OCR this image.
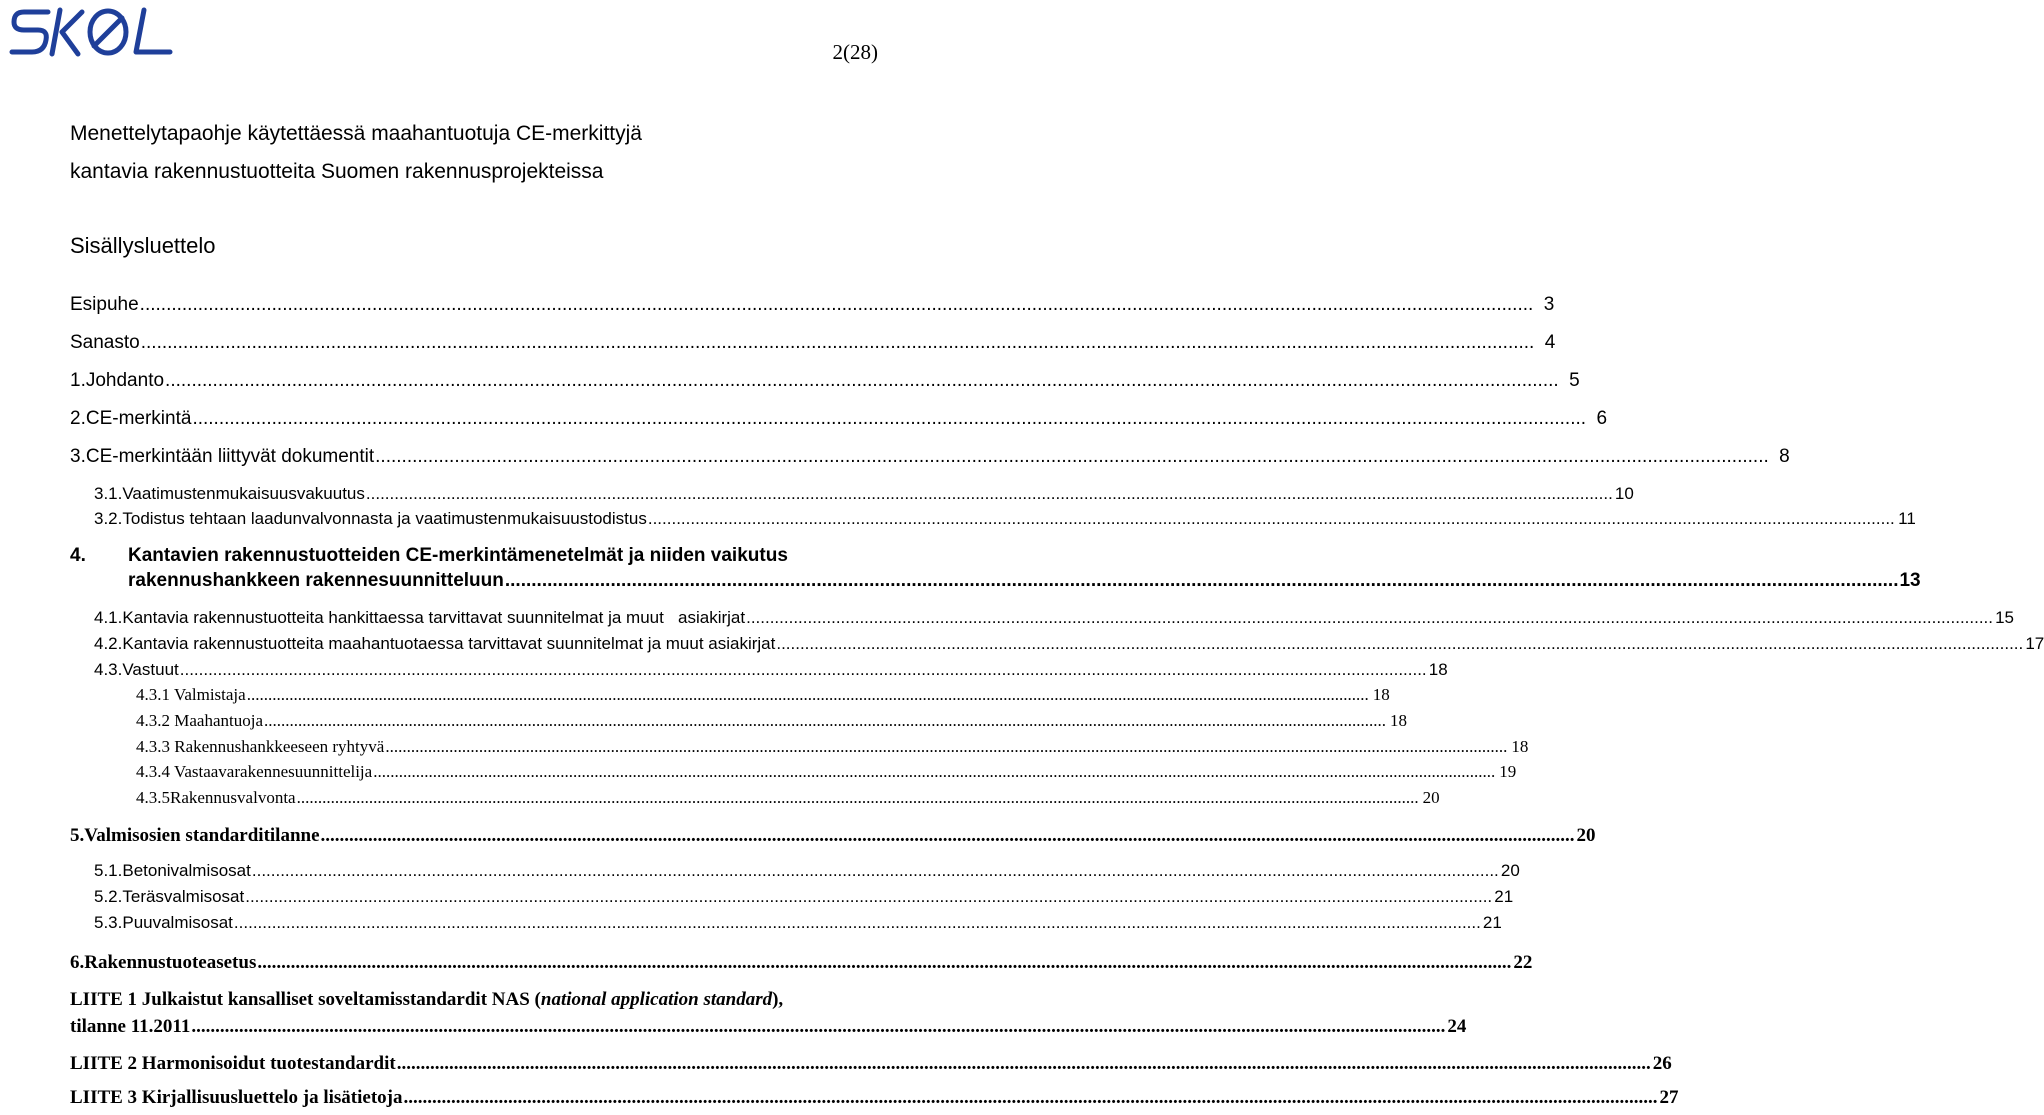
2(28)
Menettelytapaohje käytettäessä maahantuotuja CE-merkittyjä
kantavia rakennustuotteita Suomen rakennusprojekteissa
Sisällysluettelo
Esipuhe .....	3
Sanasto .....	4
1. Johdanto .....	5
2. CE-merkintä .....	6
3. CE-merkintään liittyvät dokumentit .....	8
3.1. Vaatimustenmukaisuusvakuutus .....	10
3.2. Todistus tehtaan laadunvalvonnasta ja vaatimustenmukaisuustodistus .....	11
4.	Kantavien rakennustuotteiden CE-merkintämenetelmät ja niiden vaikutus
rakennushankkeen rakennesuunnitteluun .....	13
4.1. Kantavia rakennustuotteita hankittaessa tarvittavat suunnitelmat ja muut   asiakirjat .....	15
4.2. Kantavia rakennustuotteita maahantuotaessa tarvittavat suunnitelmat ja muut asiakirjat .....	17
4.3. Vastuut .....	18
4.3.1 Valmistaja .....	18
4.3.2 Maahantuoja .....	18
4.3.3 Rakennushankkeeseen ryhtyvä .....	18
4.3.4 Vastaavarakennesuunnittelija .....	19
4.3.5Rakennusvalvonta .....	20
5. Valmisosien standarditilanne .....	20
5.1. Betonivalmisosat .....	20
5.2. Teräsvalmisosat .....	21
5.3. Puuvalmisosat .....	21
6. Rakennustuoteasetus .....	22
LIITE 1 Julkaistut kansalliset soveltamisstandardit NAS (national application standard),
tilanne 11.2011 .....	24
LIITE 2 Harmonisoidut tuotestandardit .....	26
LIITE 3 Kirjallisuusluettelo ja lisätietoja .....	27
